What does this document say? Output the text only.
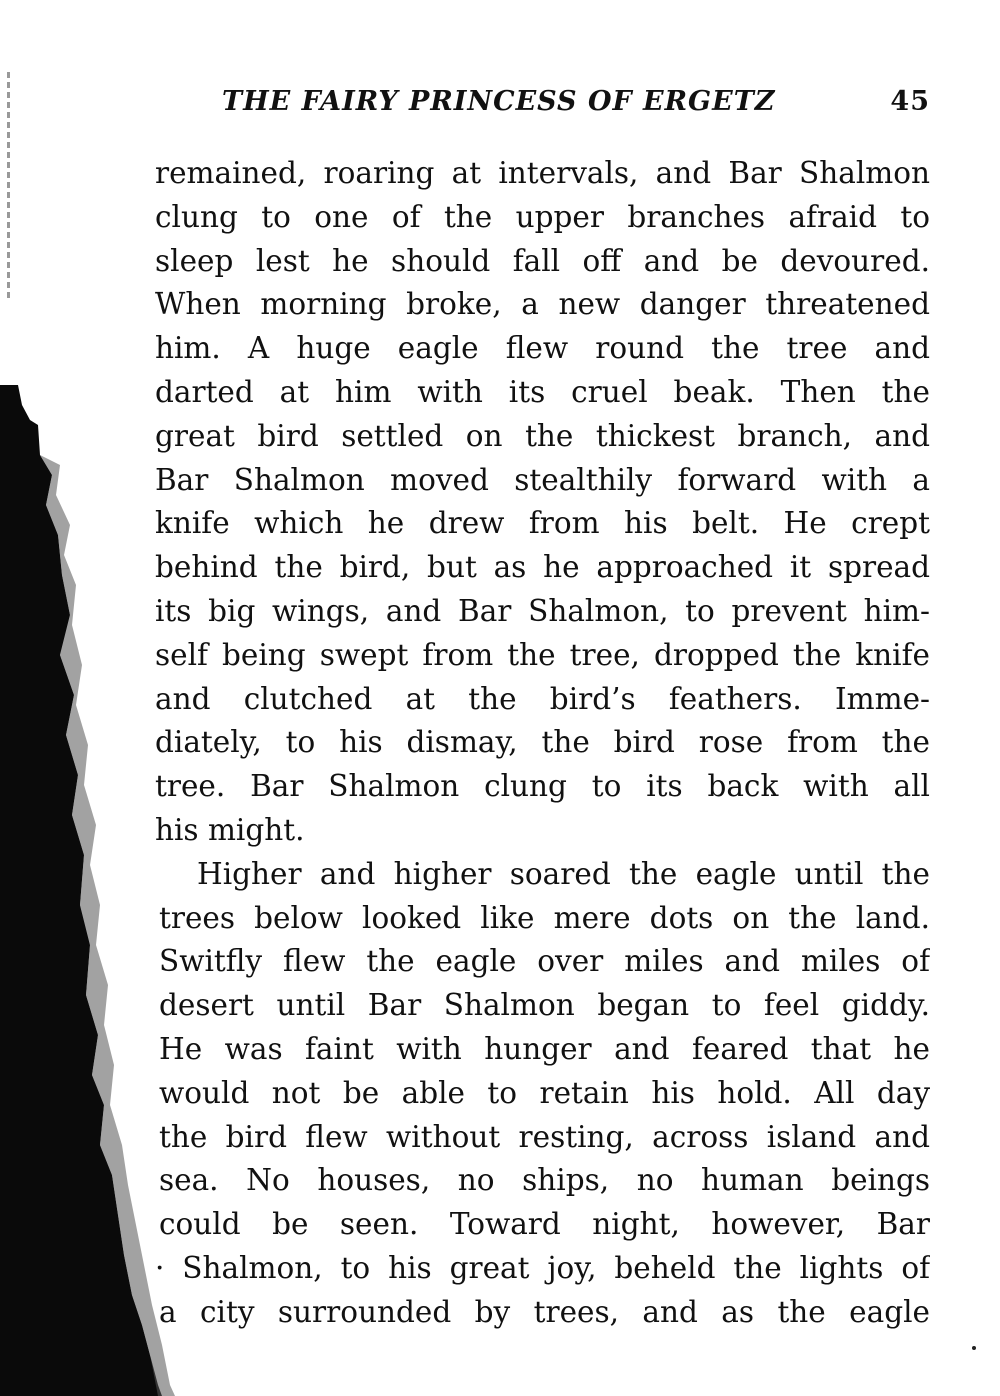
THE FAIRY PRINCESS OF ERGETZ	45
remained, roaring at intervals, and Bar Shalmon
clung to one of the upper branches afraid to
sleep lest he should fall off and be devoured.
When morning broke, a new danger threatened
him. A huge eagle flew round the tree and
darted at him with its cruel beak. Then the
great bird settled on the thickest branch, and
Bar Shalmon moved stealthily forward with a
knife which he drew from his belt. He crept
behind the bird, but as he approached it spread
its big wings, and Bar Shalmon, to prevent him-
self being swept from the tree, dropped the knife
and clutched at the bird’s feathers. Imme-
diately, to his dismay, the bird rose from the
tree. Bar Shalmon clung to its back with all
his might.
Higher and higher soared the eagle until the
trees below looked like mere dots on the land.
Switfly flew the eagle over miles and miles of
desert until Bar Shalmon began to feel giddy.
He was faint with hunger and feared that he
would not be able to retain his hold. All day
the bird flew without resting, across island and
sea. No houses, no ships, no human beings
could be seen. Toward night, however, Bar
· Shalmon, to his great joy, beheld the lights of
a city surrounded by trees, and as the eagle
